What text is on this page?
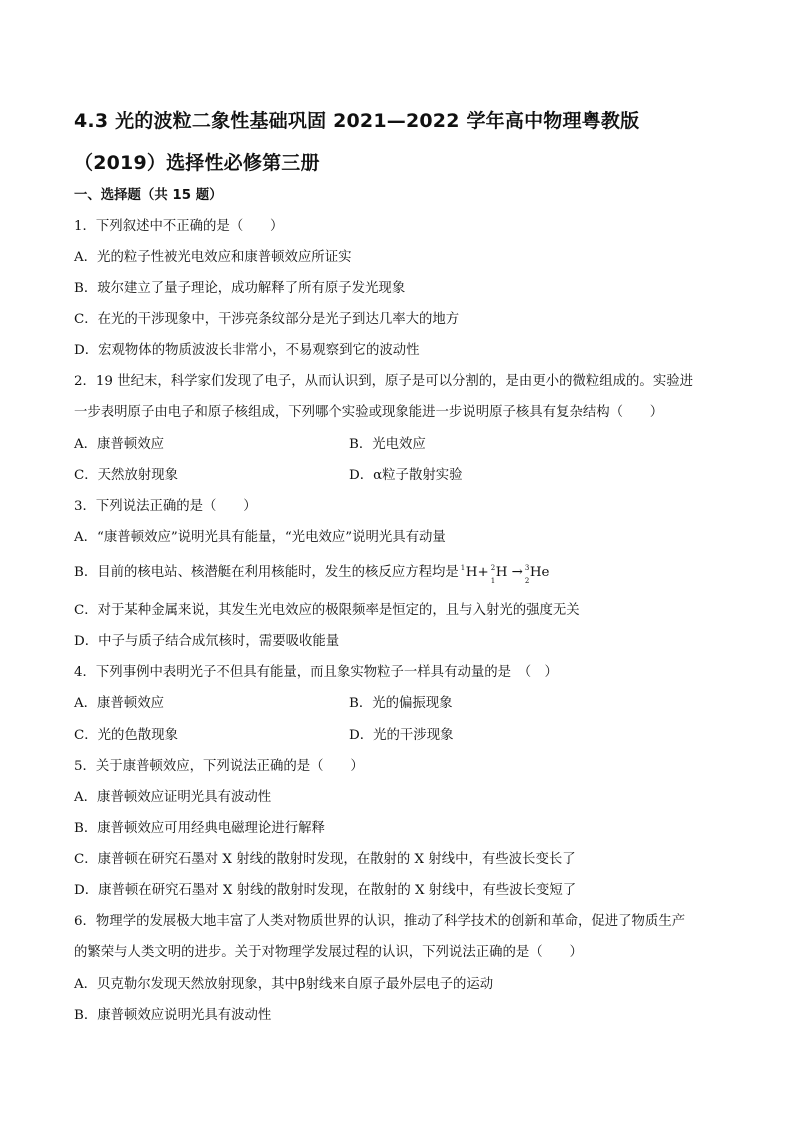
4.3 光的波粒二象性基础巩固 2021—2022 学年高中物理粤教版
（2019）选择性必修第三册
一、选择题（共 15 题）
1．下列叙述中不正确的是（　　）
A．光的粒子性被光电效应和康普顿效应所证实
B．玻尔建立了量子理论，成功解释了所有原子发光现象
C．在光的干涉现象中，干涉亮条纹部分是光子到达几率大的地方
D．宏观物体的物质波波长非常小，不易观察到它的波动性
2．19 世纪末，科学家们发现了电子，从而认识到，原子是可以分割的，是由更小的微粒组成的。实验进
一步表明原子由电子和原子核组成，下列哪个实验或现象能进一步说明原子核具有复杂结构（　　）
A．康普顿效应	B．光电效应
C．天然放射现象	D．α粒子散射实验
3．下列说法正确的是（　　）
A．“康普顿效应”说明光具有能量，“光电效应”说明光具有动量
B．目前的核电站、核潜艇在利用核能时，发生的核反应方程均是 1 H+ 2
1
H → 3
2
He
C．对于某种金属来说，其发生光电效应的极限频率是恒定的，且与入射光的强度无关
D．中子与质子结合成氘核时，需要吸收能量
4．下列事例中表明光子不但具有能量，而且象实物粒子一样具有动量的是　（　）
A．康普顿效应	B．光的偏振现象
C．光的色散现象	D．光的干涉现象
5．关于康普顿效应，下列说法正确的是（　　）
A．康普顿效应证明光具有波动性
B．康普顿效应可用经典电磁理论进行解释
C．康普顿在研究石墨对 X 射线的散射时发现，在散射的 X 射线中，有些波长变长了
D．康普顿在研究石墨对 X 射线的散射时发现，在散射的 X 射线中，有些波长变短了
6．物理学的发展极大地丰富了人类对物质世界的认识，推动了科学技术的创新和革命，促进了物质生产
的繁荣与人类文明的进步。关于对物理学发展过程的认识，下列说法正确的是（　　）
A．贝克勒尔发现天然放射现象，其中β射线来自原子最外层电子的运动
B．康普顿效应说明光具有波动性
